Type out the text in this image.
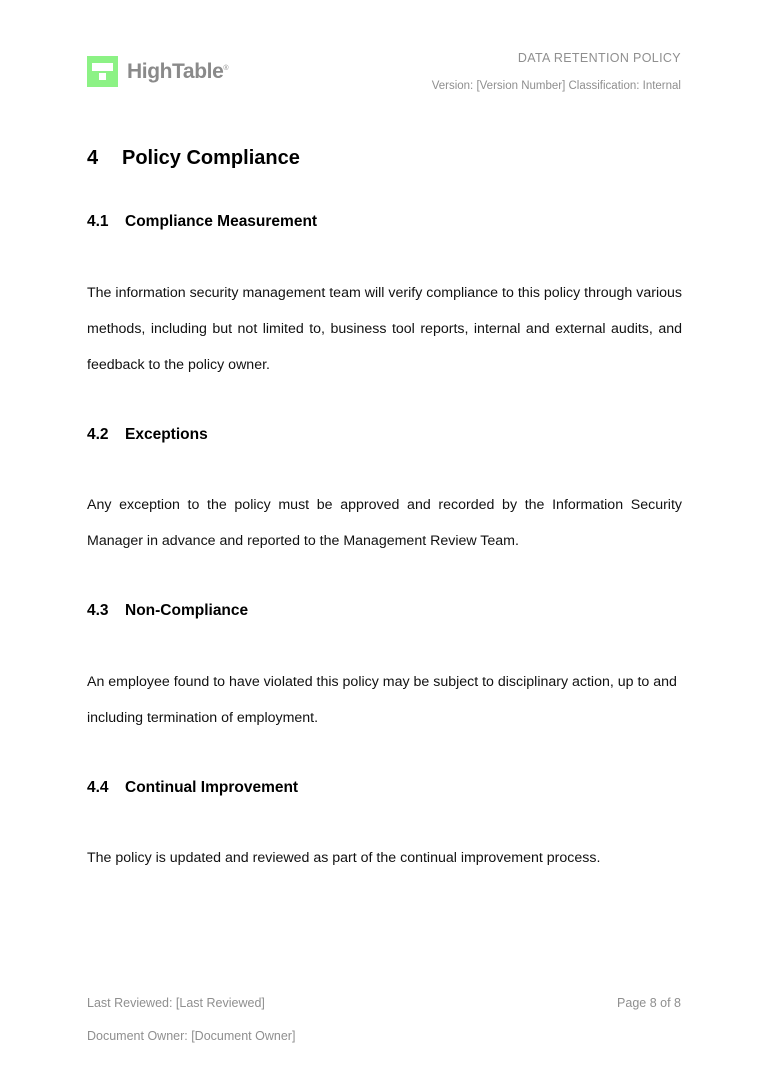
HighTable®
DATA RETENTION POLICY
Version: [Version Number] Classification: Internal
4	Policy Compliance
4.1	Compliance Measurement

The information security management team will verify compliance to this policy through various methods, including but not limited to, business tool reports, internal and external audits, and feedback to the policy owner.

4.2	Exceptions

Any exception to the policy must be approved and recorded by the Information Security Manager in advance and reported to the Management Review Team.

4.3	Non-Compliance

An employee found to have violated this policy may be subject to disciplinary action, up to and including termination of employment.

4.4	Continual Improvement

The policy is updated and reviewed as part of the continual improvement process.

Last Reviewed: [Last Reviewed]	Page 8 of 8
Document Owner: [Document Owner]
